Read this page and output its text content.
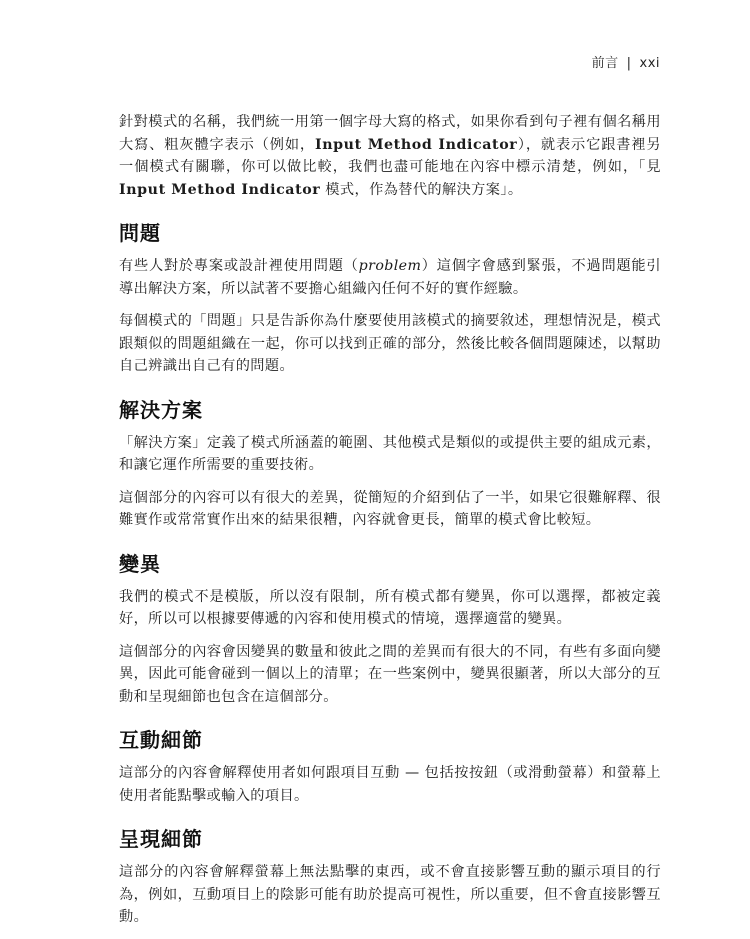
前言 | xxi

針對模式的名稱，我們統一用第一個字母大寫的格式，如果你看到句子裡有個名稱用大寫、粗灰體字表示（例如，Input Method Indicator），就表示它跟書裡另一個模式有關聯，你可以做比較，我們也盡可能地在內容中標示清楚，例如，「見 Input Method Indicator 模式，作為替代的解決方案」。

問題

有些人對於專案或設計裡使用問題（problem）這個字會感到緊張，不過問題能引導出解決方案，所以試著不要擔心組織內任何不好的實作經驗。

每個模式的「問題」只是告訴你為什麼要使用該模式的摘要敘述，理想情況是，模式跟類似的問題組織在一起，你可以找到正確的部分，然後比較各個問題陳述，以幫助自己辨識出自己有的問題。

解決方案

「解決方案」定義了模式所涵蓋的範圍、其他模式是類似的或提供主要的組成元素，和讓它運作所需要的重要技術。

這個部分的內容可以有很大的差異，從簡短的介紹到佔了一半，如果它很難解釋、很難實作或常常實作出來的結果很糟，內容就會更長，簡單的模式會比較短。

變異

我們的模式不是模版，所以沒有限制，所有模式都有變異，你可以選擇，都被定義好，所以可以根據要傳遞的內容和使用模式的情境，選擇適當的變異。

這個部分的內容會因變異的數量和彼此之間的差異而有很大的不同，有些有多面向變異，因此可能會碰到一個以上的清單；在一些案例中，變異很顯著，所以大部分的互動和呈現細節也包含在這個部分。

互動細節

這部分的內容會解釋使用者如何跟項目互動 — 包括按按鈕（或滑動螢幕）和螢幕上使用者能點擊或輸入的項目。

呈現細節

這部分的內容會解釋螢幕上無法點擊的東西，或不會直接影響互動的顯示項目的行為，例如，互動項目上的陰影可能有助於提高可視性，所以重要，但不會直接影響互動。
